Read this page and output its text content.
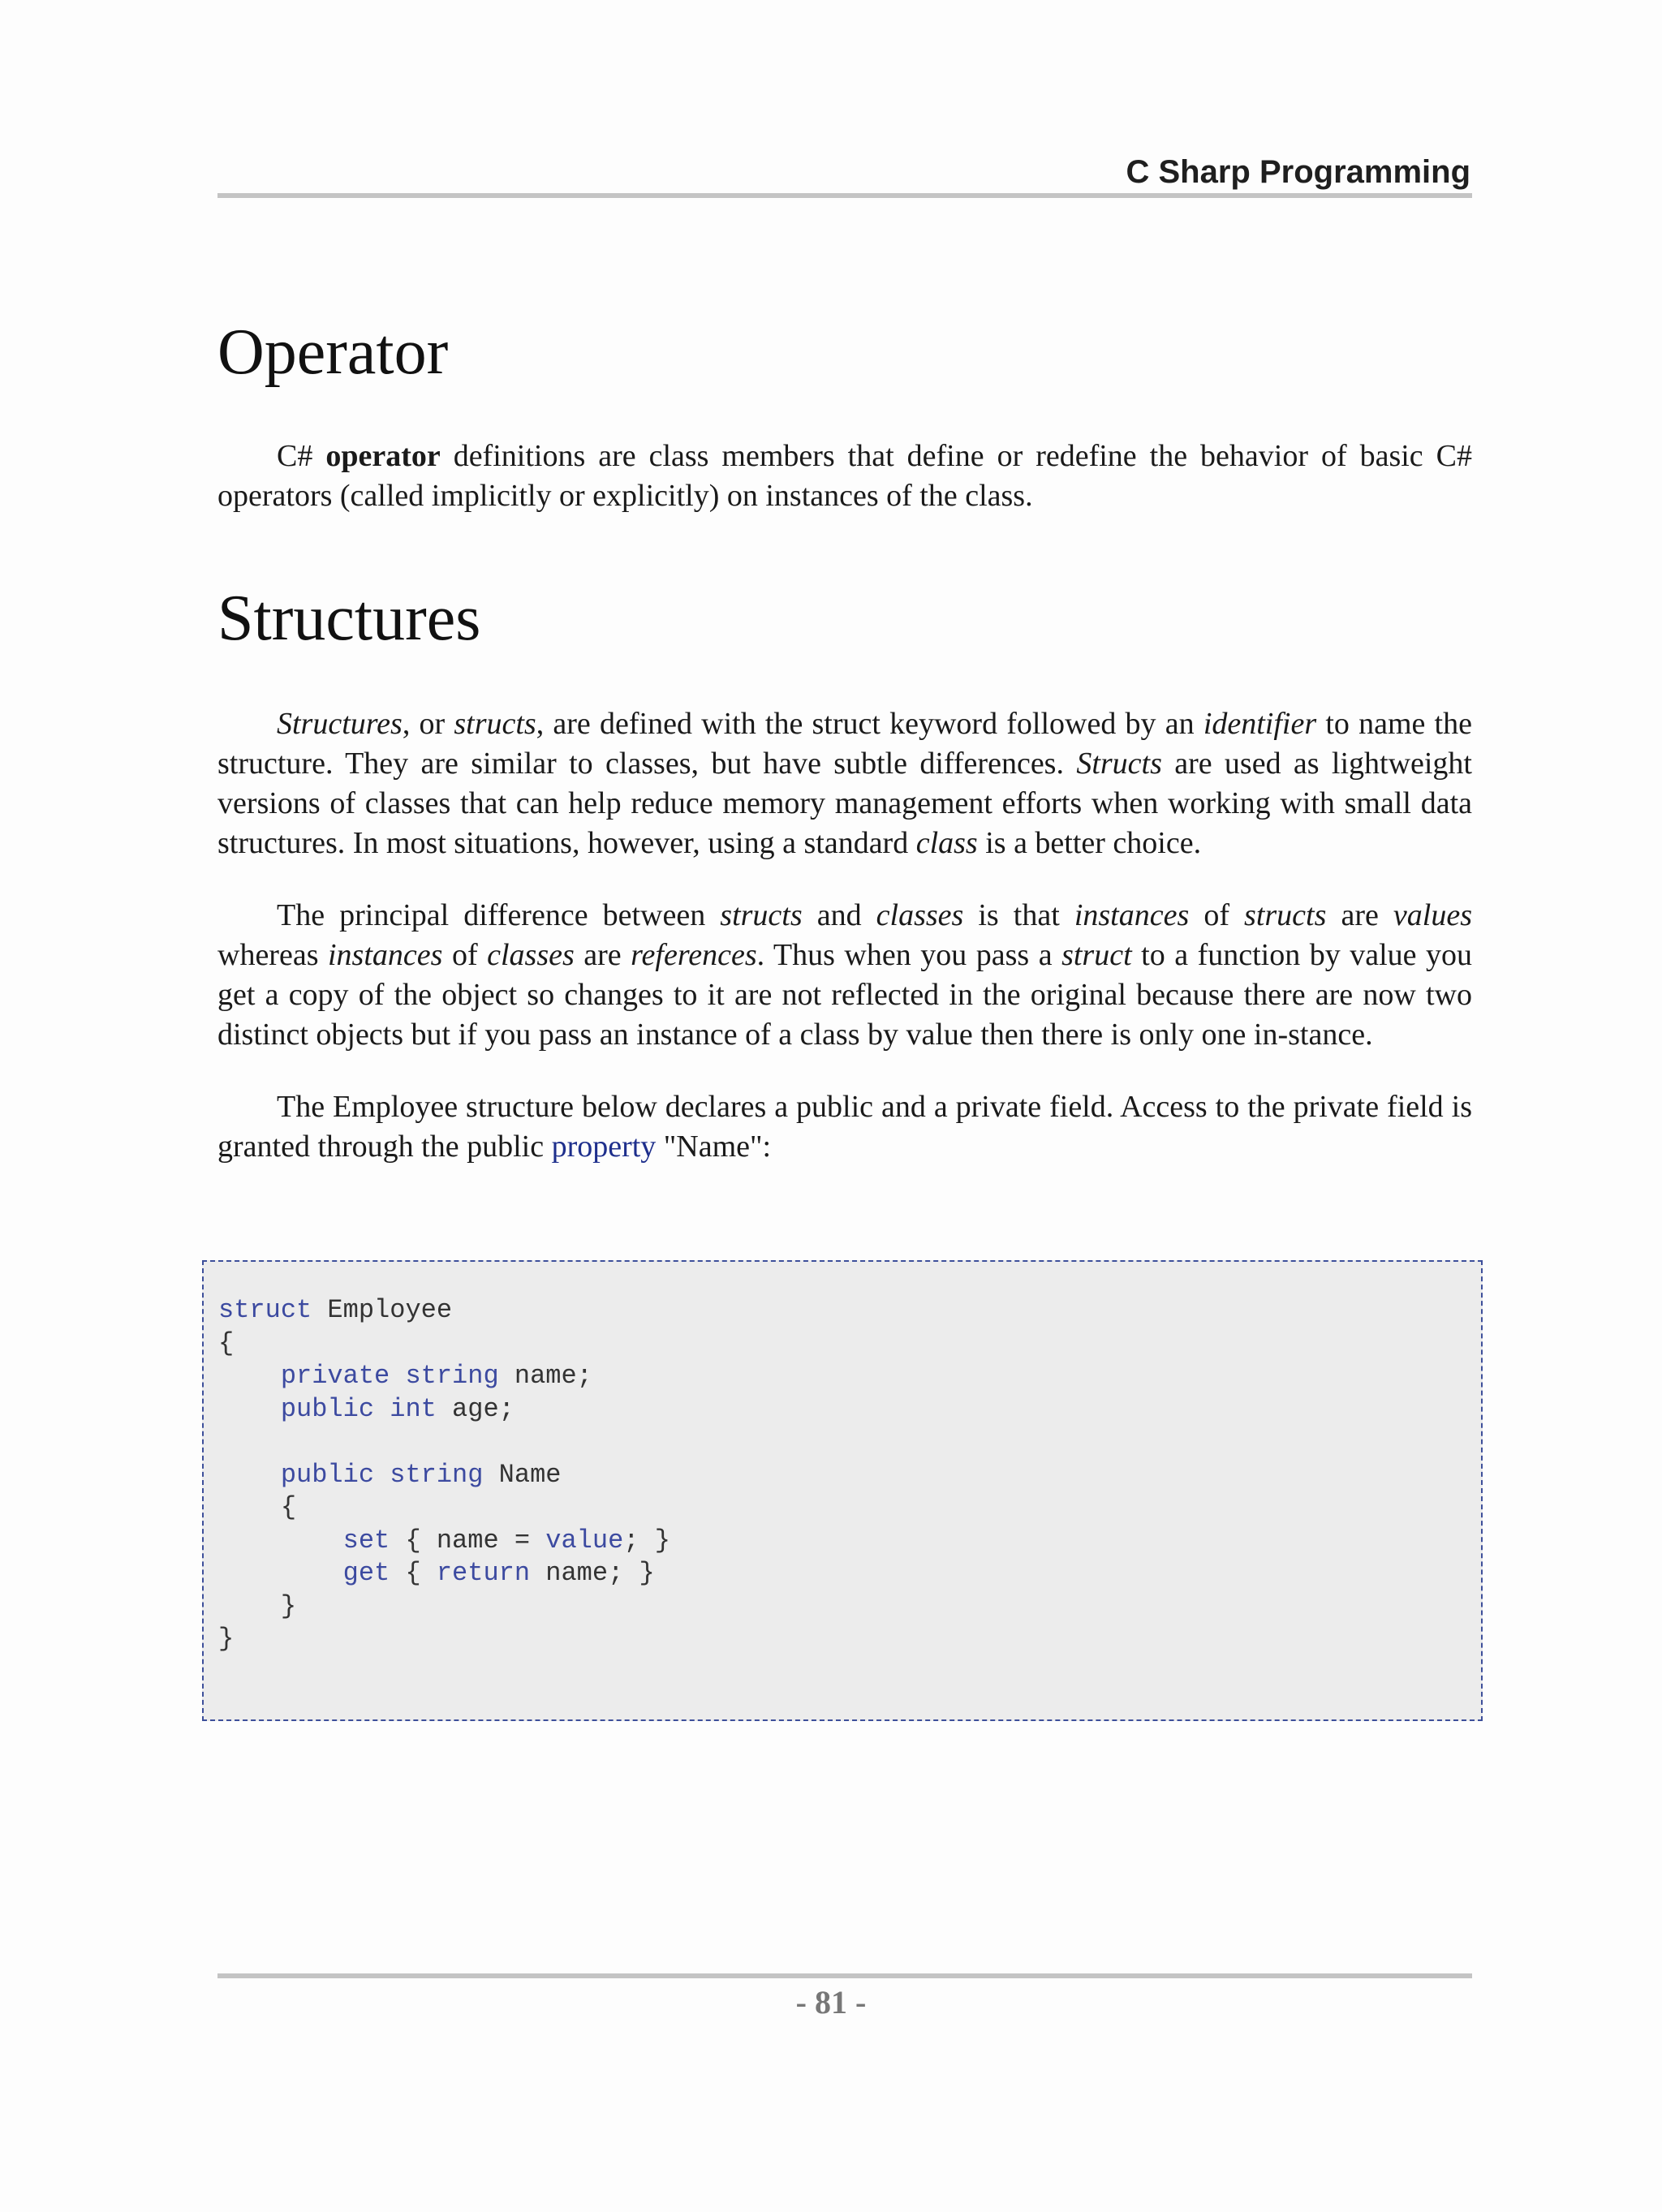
C Sharp Programming
Operator

C# operator definitions are class members that define or redefine the behavior of basic C# operators (called implicitly or explicitly) on instances of the class.

Structures

Structures, or structs, are defined with the struct keyword followed by an identifier to name the structure. They are similar to classes, but have subtle differences. Structs are used as lightweight versions of classes that can help reduce memory management efforts when working with small data structures. In most situations, however, using a standard class is a better choice.

The principal difference between structs and classes is that instances of structs are values whereas instances of classes are references. Thus when you pass a struct to a function by value you get a copy of the object so changes to it are not reflected in the original because there are now two distinct objects but if you pass an instance of a class by value then there is only one in-stance.

The Employee structure below declares a public and a private field. Access to the private field is granted through the public property "Name":

struct Employee
{
private string name;
public int age;

public string Name
{
set { name = value; }
get { return name; }
}
}
- 81 -
